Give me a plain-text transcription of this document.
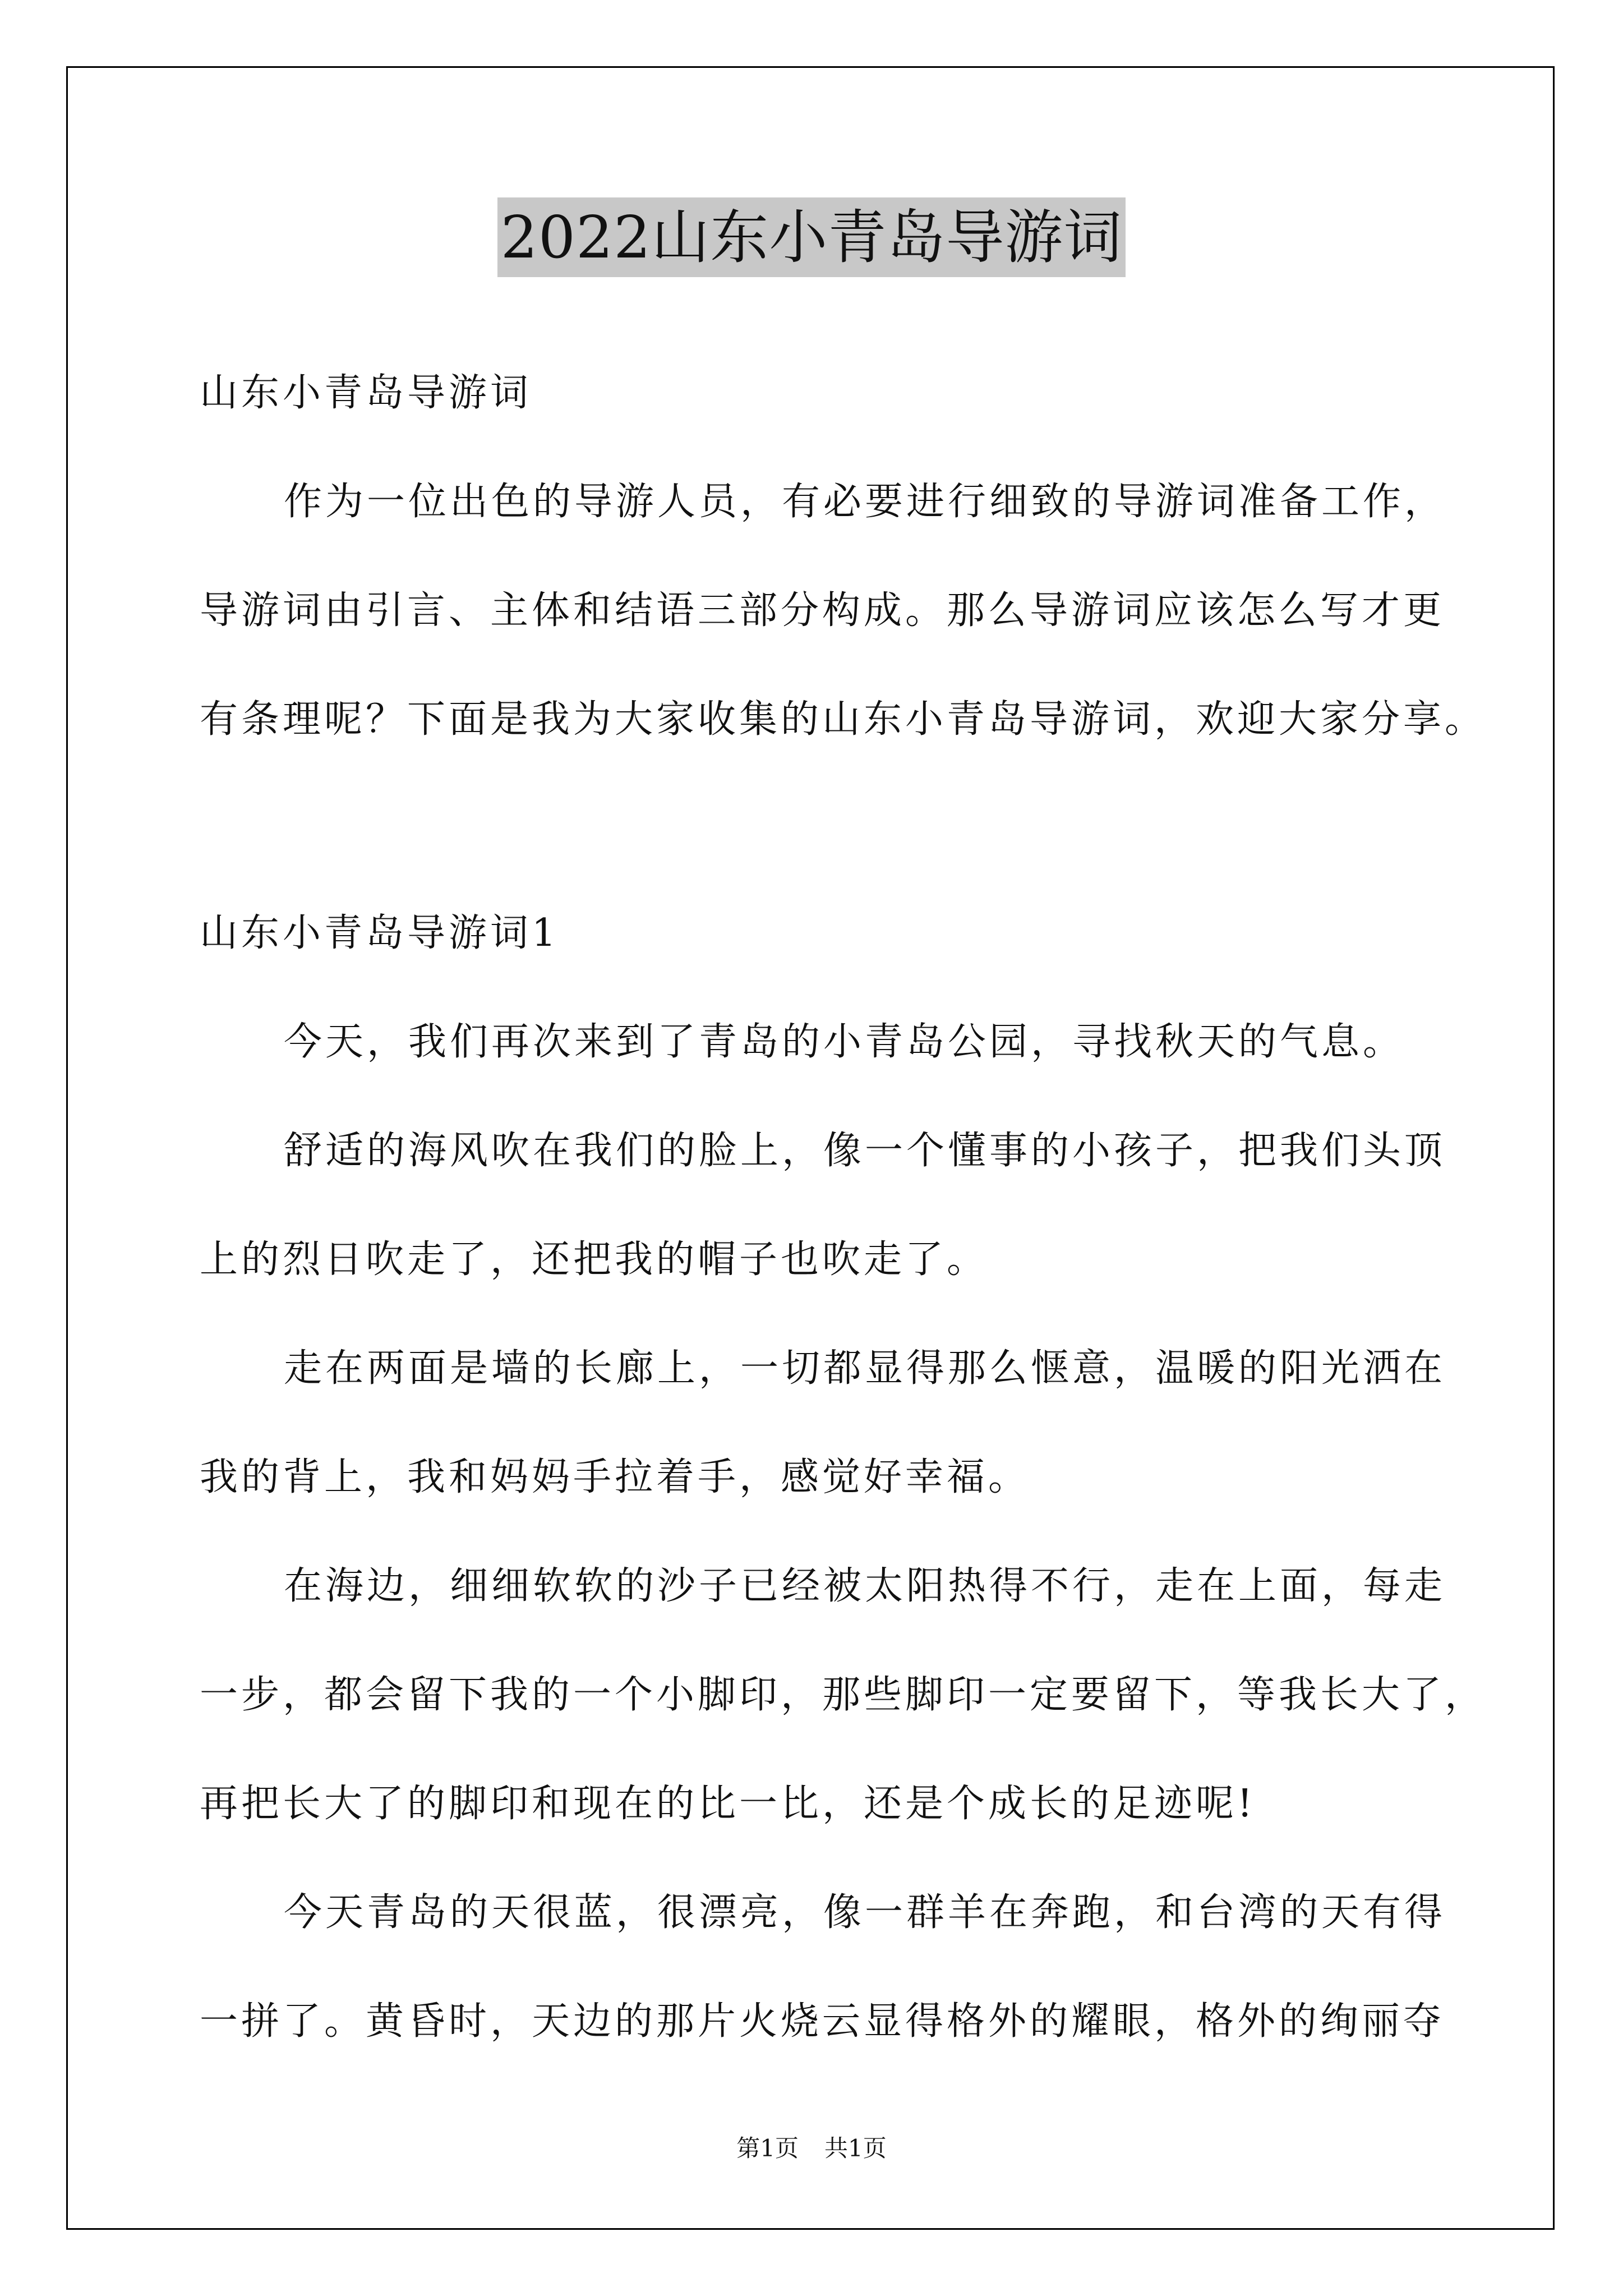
2022山东小青岛导游词

山东小青岛导游词

作为一位出色的导游人员，有必要进行细致的导游词准备工作，

导游词由引言、主体和结语三部分构成。那么导游词应该怎么写才更

有条理呢？下面是我为大家收集的山东小青岛导游词，欢迎大家分享。

山东小青岛导游词1

今天，我们再次来到了青岛的小青岛公园，寻找秋天的气息。

舒适的海风吹在我们的脸上，像一个懂事的小孩子，把我们头顶

上的烈日吹走了，还把我的帽子也吹走了。

走在两面是墙的长廊上，一切都显得那么惬意，温暖的阳光洒在

我的背上，我和妈妈手拉着手，感觉好幸福。

在海边，细细软软的沙子已经被太阳热得不行，走在上面，每走

一步，都会留下我的一个小脚印，那些脚印一定要留下，等我长大了，

再把长大了的脚印和现在的比一比，还是个成长的足迹呢!

今天青岛的天很蓝，很漂亮，像一群羊在奔跑，和台湾的天有得

一拼了。黄昏时，天边的那片火烧云显得格外的耀眼，格外的绚丽夺

第1页 共1页
